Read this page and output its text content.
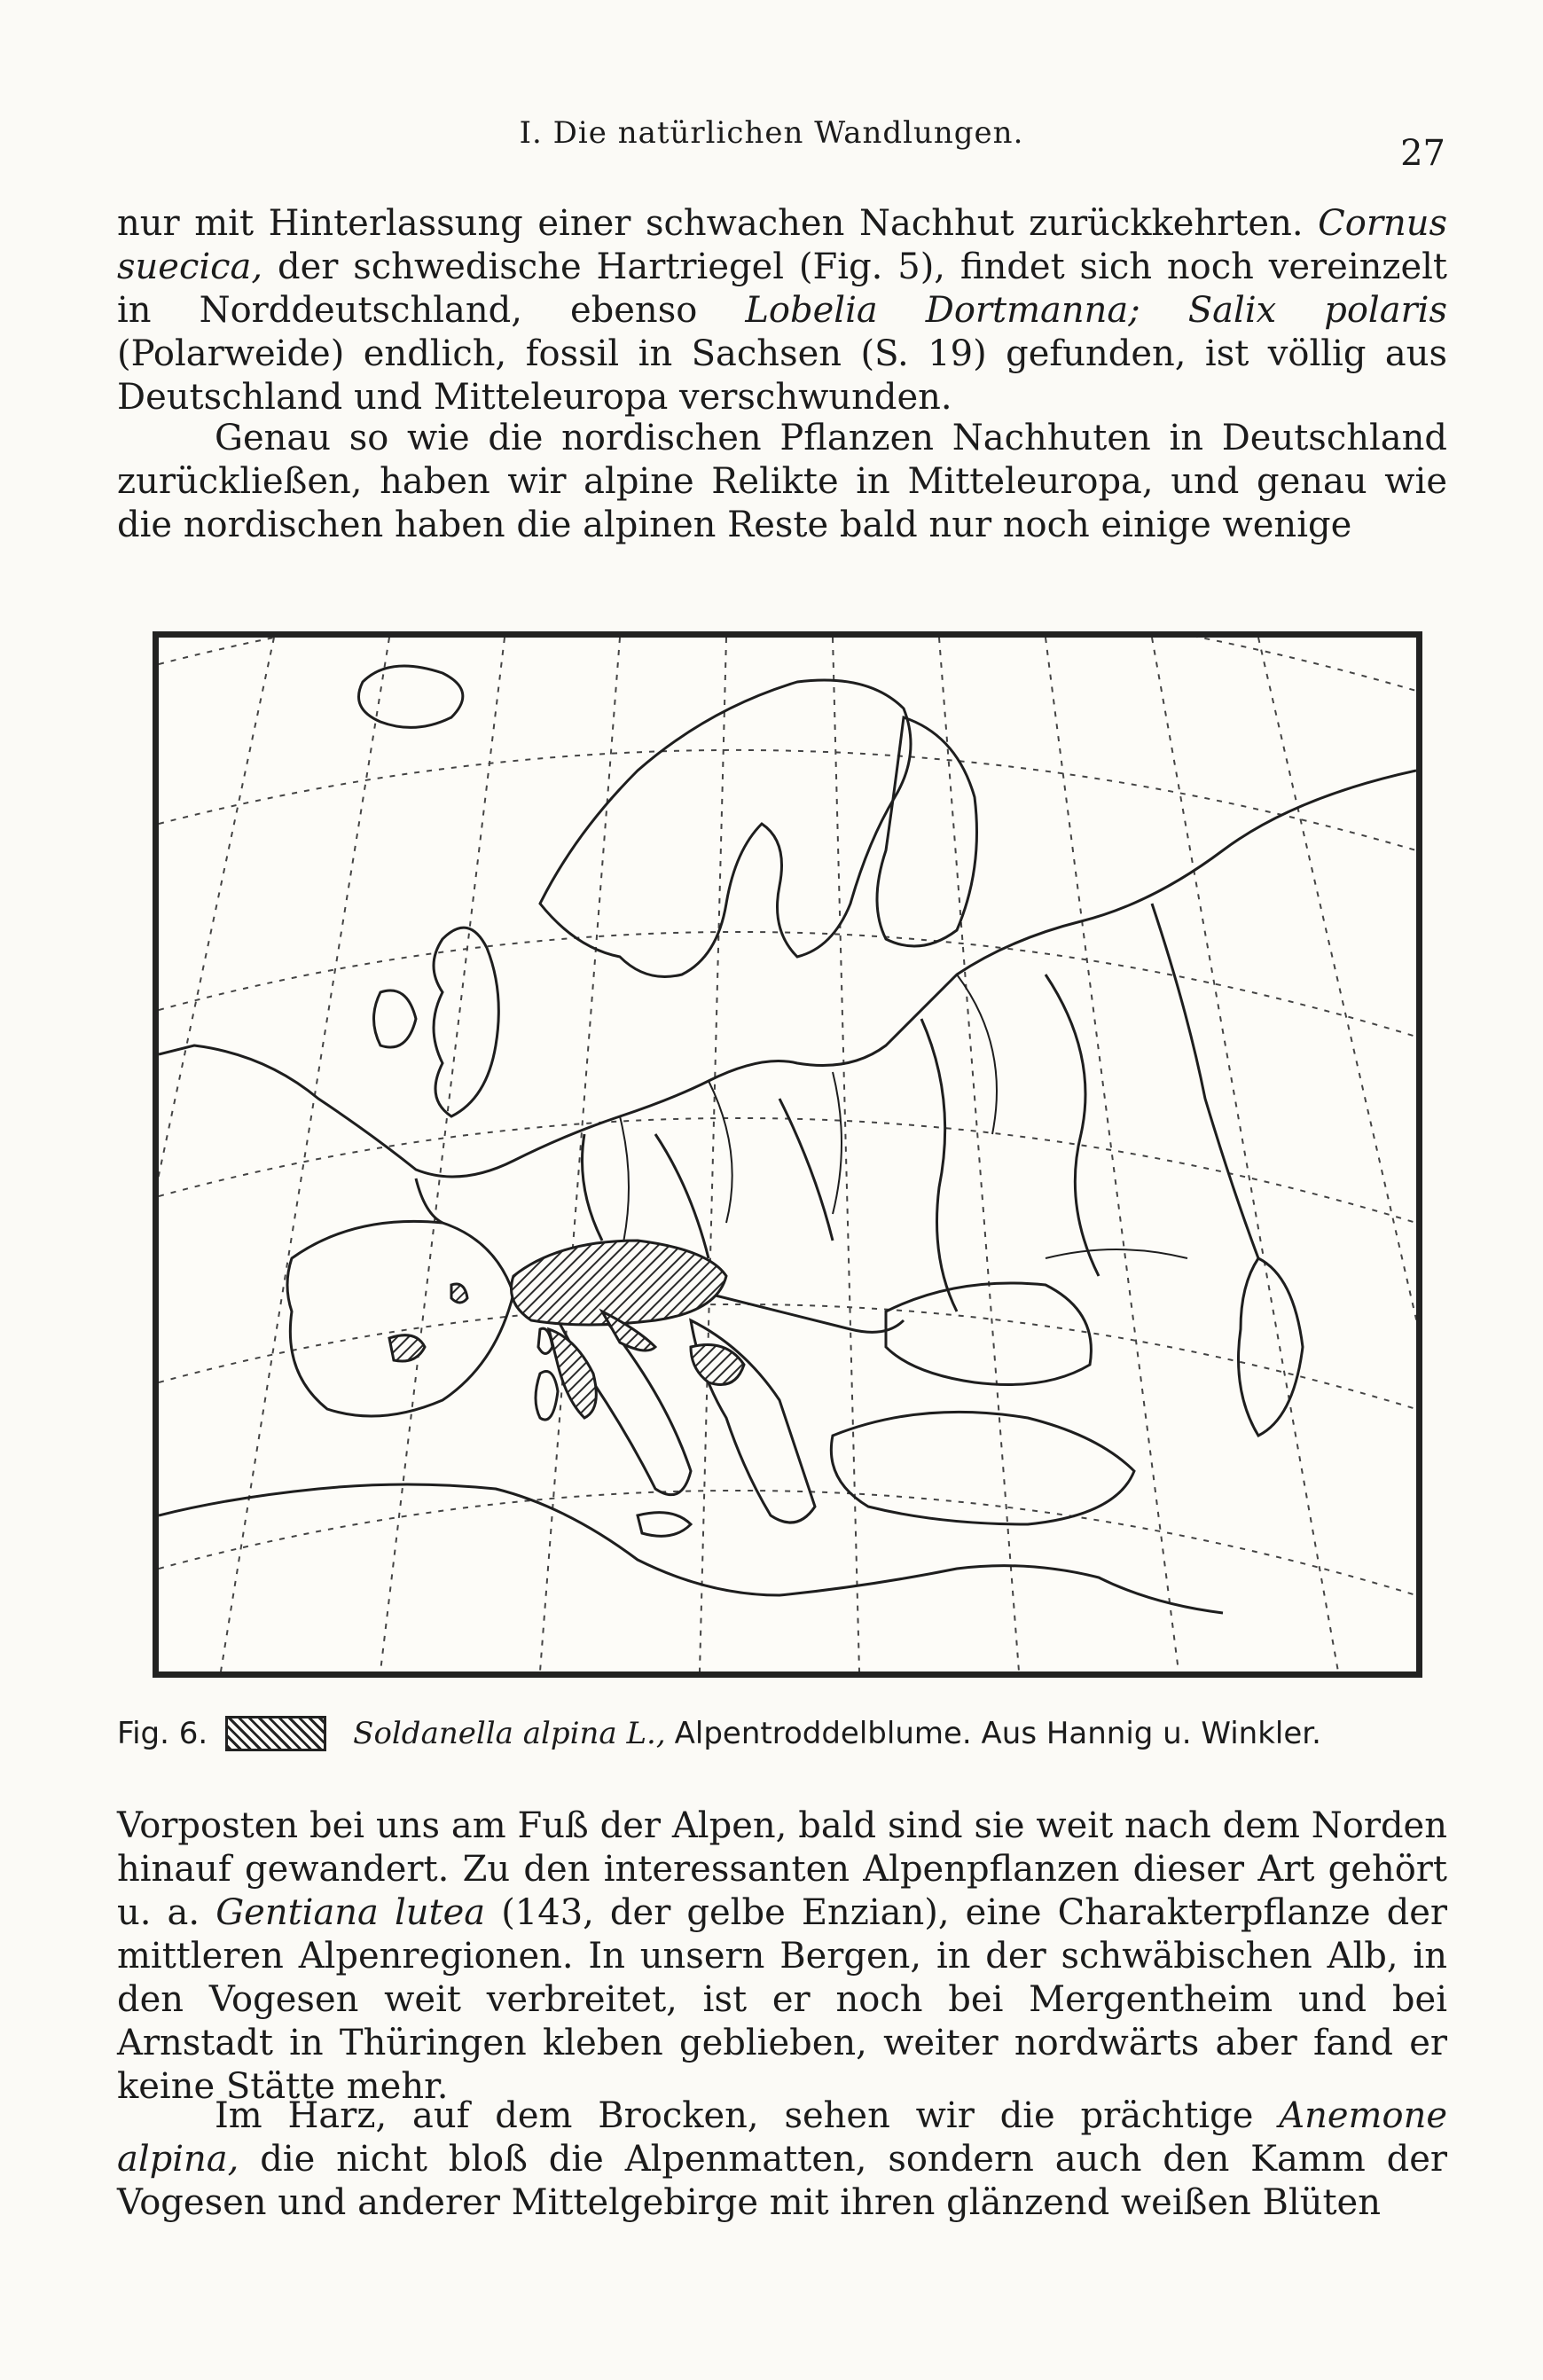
I. Die natürlichen Wandlungen.	27

nur mit Hinterlassung einer schwachen Nachhut zurückkehrten. Cornus suecica, der schwedische Hartriegel (Fig. 5), findet sich noch vereinzelt in Norddeutschland, ebenso Lobelia Dortmanna; Salix polaris (Polarweide) endlich, fossil in Sachsen (S. 19) gefunden, ist völlig aus Deutschland und Mitteleuropa verschwunden.

Genau so wie die nordischen Pflanzen Nachhuten in Deutschland zurückließen, haben wir alpine Relikte in Mitteleuropa, und genau wie die nordischen haben die alpinen Reste bald nur noch einige wenige

Fig. 6.	Soldanella alpina L., Alpentroddelblume. Aus Hannig u. Winkler.

Vorposten bei uns am Fuß der Alpen, bald sind sie weit nach dem Norden hinauf gewandert. Zu den interessanten Alpenpflanzen dieser Art gehört u. a. Gentiana lutea (143, der gelbe Enzian), eine Charakterpflanze der mittleren Alpenregionen. In unsern Bergen, in der schwäbischen Alb, in den Vogesen weit verbreitet, ist er noch bei Mergentheim und bei Arnstadt in Thüringen kleben geblieben, weiter nordwärts aber fand er keine Stätte mehr.

Im Harz, auf dem Brocken, sehen wir die prächtige Anemone alpina, die nicht bloß die Alpenmatten, sondern auch den Kamm der Vogesen und anderer Mittelgebirge mit ihren glänzend weißen Blüten
